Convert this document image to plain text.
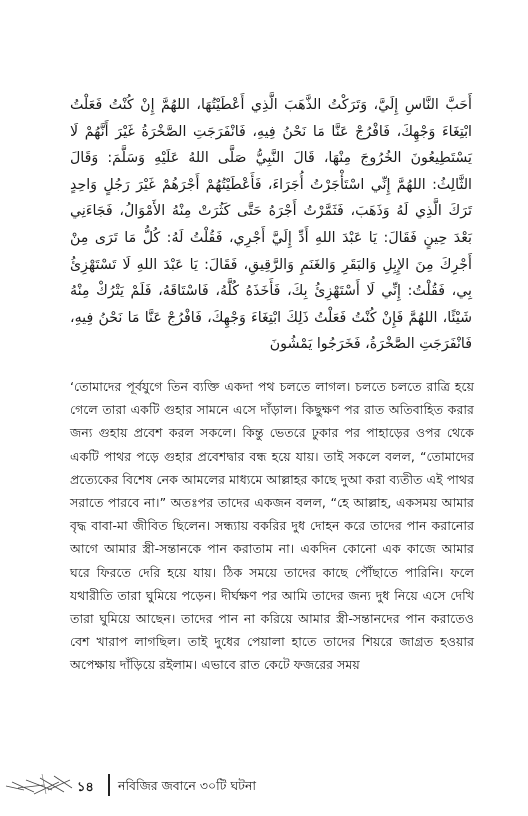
أَحَبَّ النَّاسِ إِلَيَّ، وَتَرَكْتُ الذَّهَبَ الَّذِي أَعْطَيْتُهَا، اللهُمَّ إِنْ كُنْتُ فَعَلْتُ ابْتِغَاءَ وَجْهِكَ، فَافْرُجْ عَنَّا مَا نَحْنُ فِيهِ، فَانْفَرَجَتِ الصَّخْرَةُ غَيْرَ أَنَّهُمْ لَا يَسْتَطِيعُونَ الخُرُوجَ مِنْهَا، قَالَ النَّبِيُّ صَلَّى اللهُ عَلَيْهِ وَسَلَّمَ: وَقَالَ الثَّالِثُ: اللهُمَّ إِنِّي اسْتَأْجَرْتُ أُجَرَاءَ، فَأَعْطَيْتُهُمْ أَجْرَهُمْ غَيْرَ رَجُلٍ وَاحِدٍ تَرَكَ الَّذِي لَهُ وَذَهَبَ، فَثَمَّرْتُ أَجْرَهُ حَتَّى كَثُرَتْ مِنْهُ الأَمْوَالُ، فَجَاءَنِي بَعْدَ حِينٍ فَقَالَ: يَا عَبْدَ اللهِ أَدِّ إِلَيَّ أَجْرِي، فَقُلْتُ لَهُ: كُلُّ مَا تَرَى مِنْ أَجْرِكَ مِنَ الإِبِلِ وَالبَقَرِ وَالغَنَمِ وَالرَّقِيقِ، فَقَالَ: يَا عَبْدَ اللهِ لَا تَسْتَهْزِئُ بِي، فَقُلْتُ: إِنِّي لَا أَسْتَهْزِئُ بِكَ، فَأَخَذَهُ كُلَّهُ، فَاسْتَاقَهُ، فَلَمْ يَتْرُكْ مِنْهُ شَيْئًا، اللهُمَّ فَإِنْ كُنْتُ فَعَلْتُ ذَلِكَ ابْتِغَاءَ وَجْهِكَ، فَافْرُجْ عَنَّا مَا نَحْنُ فِيهِ، فَانْفَرَجَتِ الصَّخْرَةُ، فَخَرَجُوا يَمْشُونَ

‘তোমাদের পূর্বযুগে তিন ব্যক্তি একদা পথ চলতে লাগল। চলতে চলতে রাত্রি হয়ে গেলে তারা একটি গুহার সামনে এসে দাঁড়াল। কিছুক্ষণ পর রাত অতিবাহিত করার জন্য গুহায় প্রবেশ করল সকলে। কিন্তু ভেতরে ঢুকার পর পাহাড়ের ওপর থেকে একটি পাথর পড়ে গুহার প্রবেশদ্বার বন্ধ হয়ে যায়। তাই সকলে বলল, “তোমাদের প্রত্যেকের বিশেষ নেক আমলের মাধ্যমে আল্লাহর কাছে দুআ করা ব্যতীত এই পাথর সরাতে পারবে না।” অতঃপর তাদের একজন বলল, “হে আল্লাহ, একসময় আমার বৃদ্ধ বাবা-মা জীবিত ছিলেন। সন্ধ্যায় বকরির দুধ দোহন করে তাদের পান করানোর আগে আমার স্ত্রী-সন্তানকে পান করাতাম না। একদিন কোনো এক কাজে আমার ঘরে ফিরতে দেরি হয়ে যায়। ঠিক সময়ে তাদের কাছে পৌঁছাতে পারিনি। ফলে যথারীতি তারা ঘুমিয়ে পড়েন। দীর্ঘক্ষণ পর আমি তাদের জন্য দুধ নিয়ে এসে দেখি তারা ঘুমিয়ে আছেন। তাদের পান না করিয়ে আমার স্ত্রী-সন্তানদের পান করাতেও বেশ খারাপ লাগছিল। তাই দুধের পেয়ালা হাতে তাদের শিয়রে জাগ্রত হওয়ার অপেক্ষায় দাঁড়িয়ে রইলাম। এভাবে রাত কেটে ফজরের সময়

১৪ নবিজির জবানে ৩০টি ঘটনা
